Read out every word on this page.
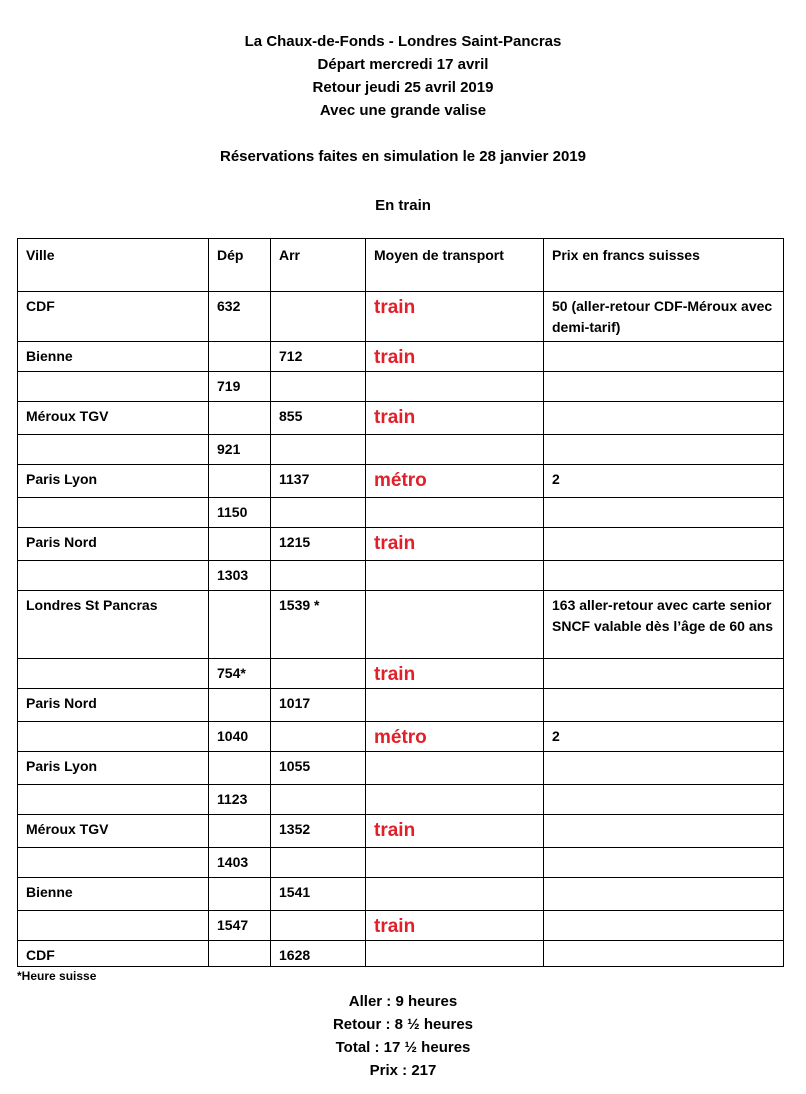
La Chaux-de-Fonds - Londres Saint-Pancras
Départ mercredi 17 avril
Retour jeudi 25 avril 2019
Avec une grande valise
Réservations faites en simulation le 28 janvier 2019
En train
Ville	Dép	Arr	Moyen de transport	Prix en francs suisses
CDF	632		train	50 (aller-retour CDF-Méroux avec demi-tarif)
Bienne		712	train	
	719			
Méroux TGV		855	train	
	921			
Paris Lyon		1137	métro	2
	1150			
Paris Nord		1215	train	
	1303			
Londres St Pancras		1539 *		163 aller-retour avec carte senior SNCF valable dès l’âge de 60 ans
	754*		train	
Paris Nord		1017		
	1040		métro	2
Paris Lyon		1055		
	1123			
Méroux TGV		1352	train	
	1403			
Bienne		1541		
	1547		train	
CDF		1628		
*Heure suisse
Aller : 9 heures
Retour : 8 ½ heures
Total : 17 ½ heures
Prix : 217
